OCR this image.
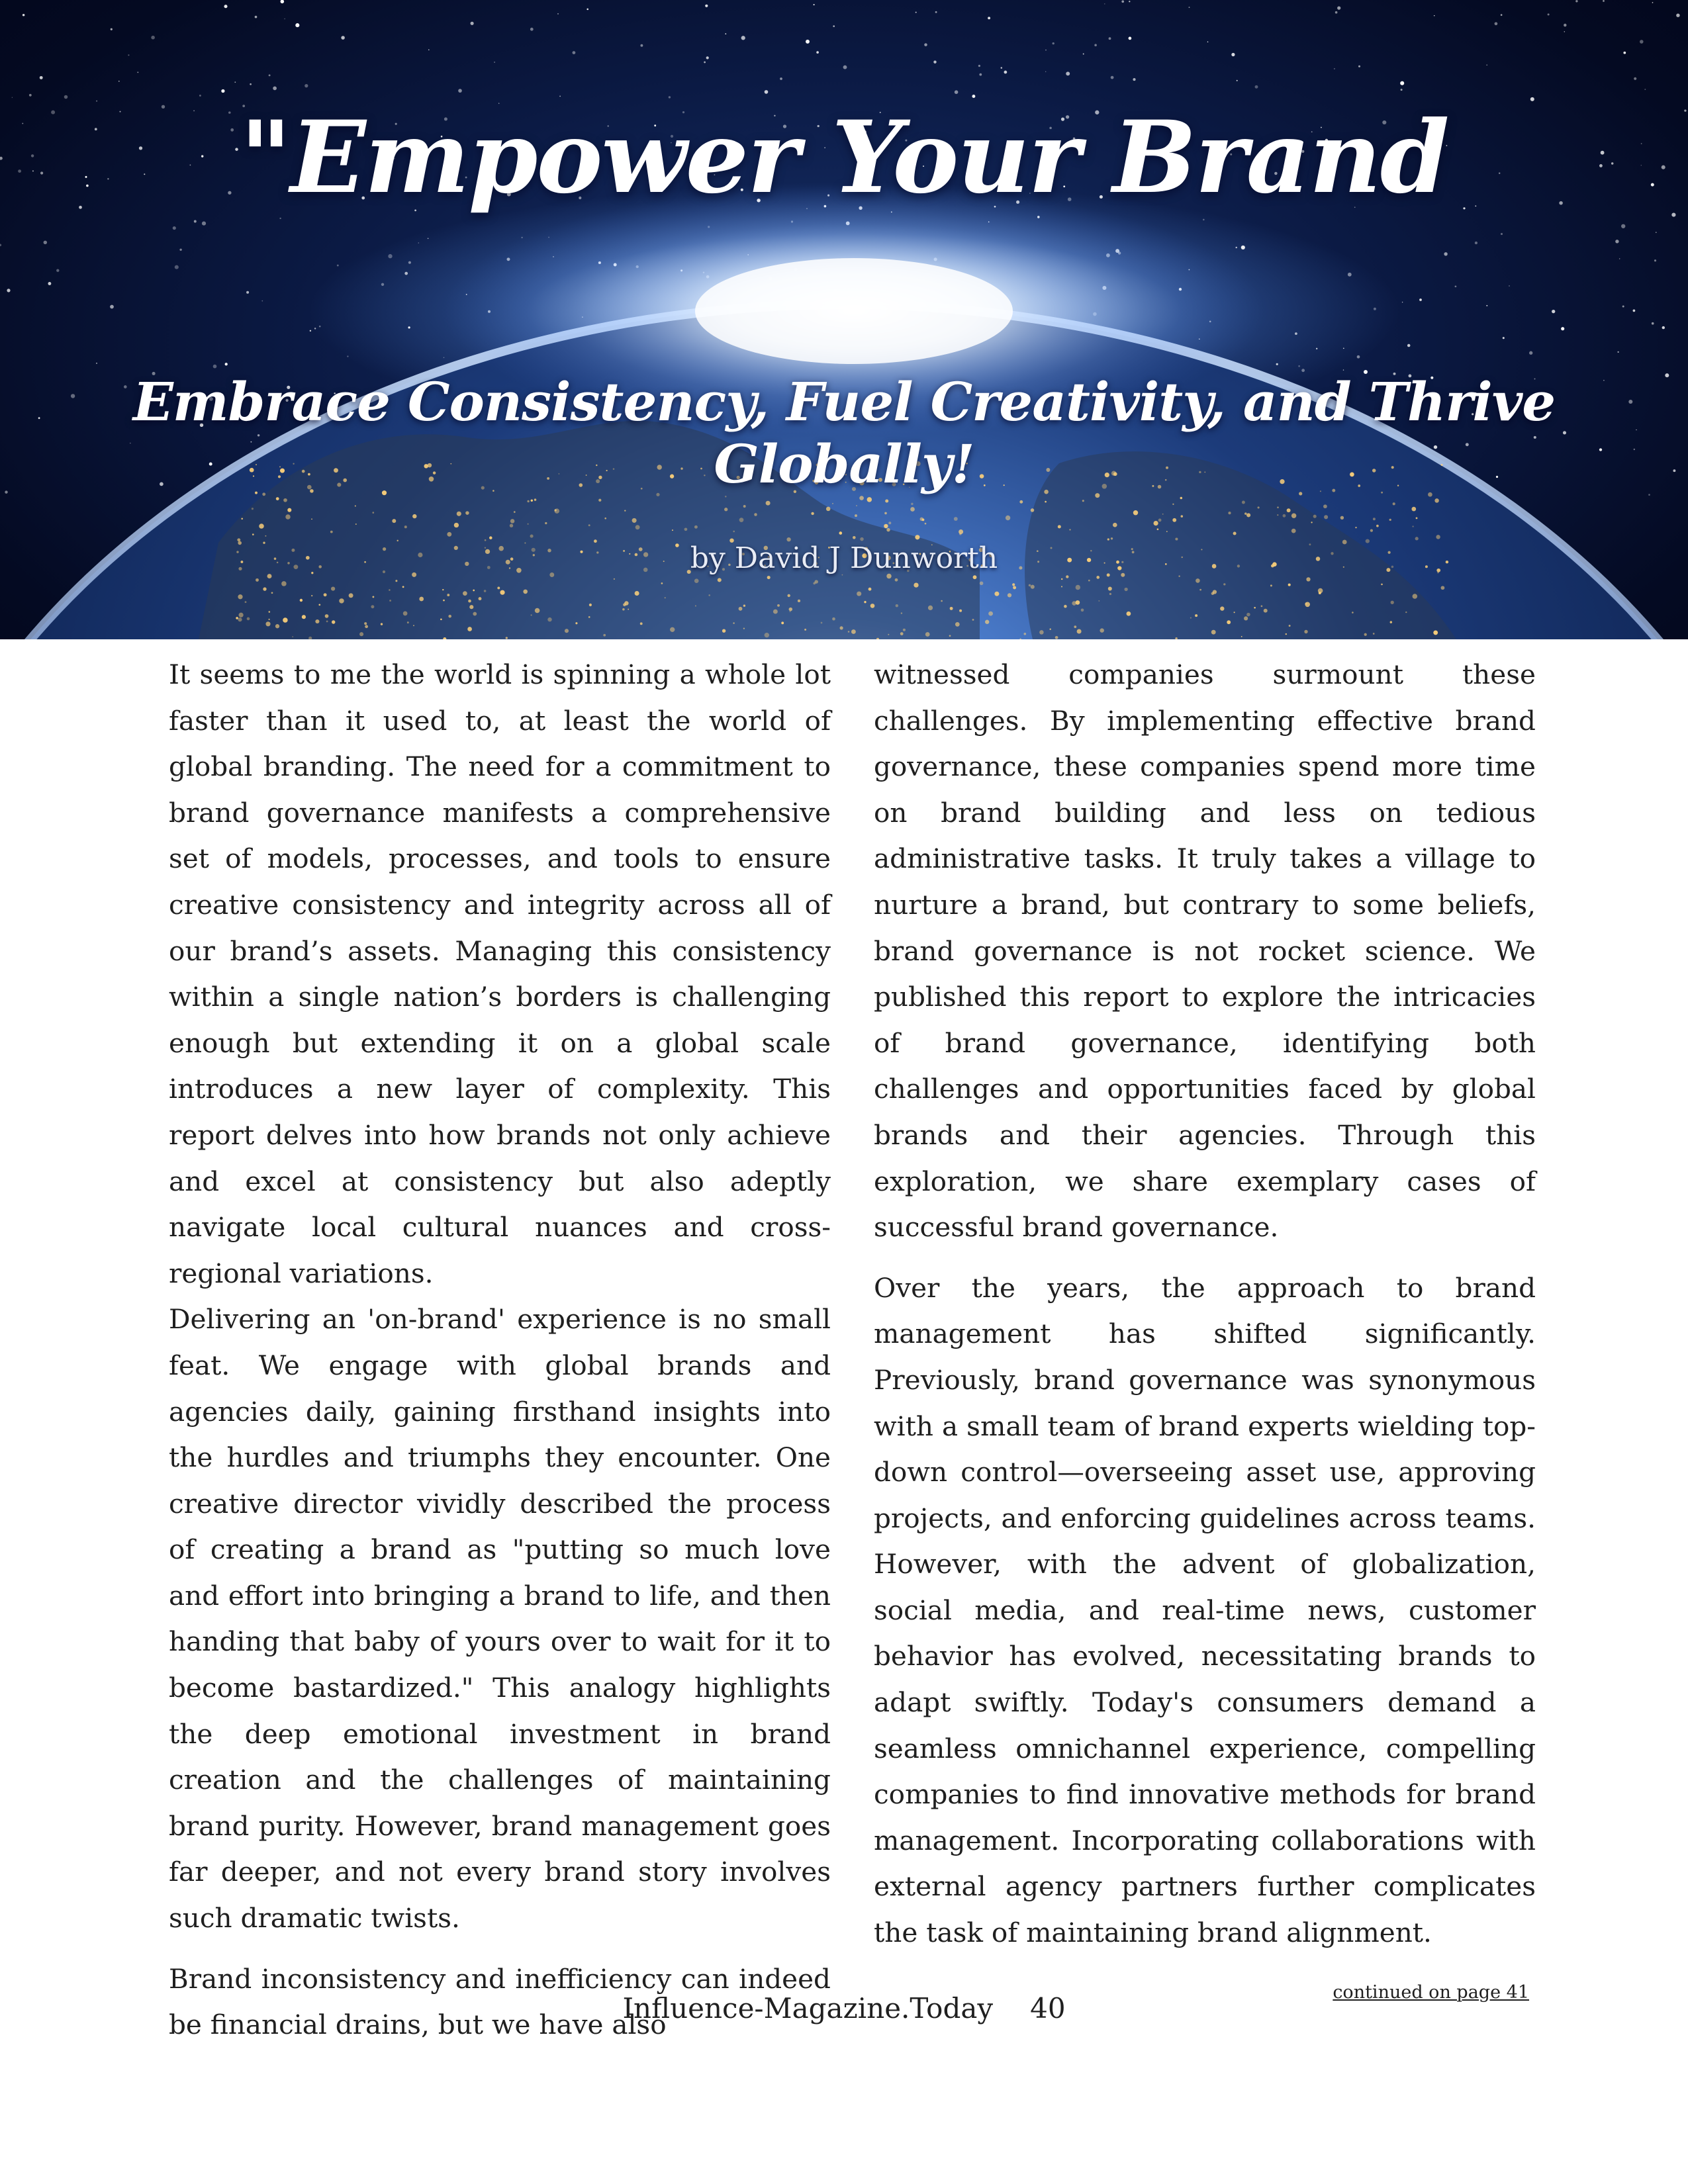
"Empower Your Brand
Embrace Consistency, Fuel Creativity, and Thrive Globally!

by David J Dunworth

It seems to me the world is spinning a whole lot faster than it used to, at least the world of global branding. The need for a commitment to brand governance manifests a comprehensive set of models, processes, and tools to ensure creative consistency and integrity across all of our brand’s assets. Managing this consistency within a single nation’s borders is challenging enough but extending it on a global scale introduces a new layer of complexity. This report delves into how brands not only achieve and excel at consistency but also adeptly navigate local cultural nuances and cross-regional variations.

Delivering an 'on-brand' experience is no small feat. We engage with global brands and agencies daily, gaining firsthand insights into the hurdles and triumphs they encounter. One creative director vividly described the process of creating a brand as "putting so much love and effort into bringing a brand to life, and then handing that baby of yours over to wait for it to become bastardized." This analogy highlights the deep emotional investment in brand creation and the challenges of maintaining brand purity. However, brand management goes far deeper, and not every brand story involves such dramatic twists.

Brand inconsistency and inefficiency can indeed be financial drains, but we have also

witnessed companies surmount these challenges. By implementing effective brand governance, these companies spend more time on brand building and less on tedious administrative tasks. It truly takes a village to nurture a brand, but contrary to some beliefs, brand governance is not rocket science. We published this report to explore the intricacies of brand governance, identifying both challenges and opportunities faced by global brands and their agencies. Through this exploration, we share exemplary cases of successful brand governance.

Over the years, the approach to brand management has shifted significantly. Previously, brand governance was synonymous with a small team of brand experts wielding top-down control—overseeing asset use, approving projects, and enforcing guidelines across teams. However, with the advent of globalization, social media, and real-time news, customer behavior has evolved, necessitating brands to adapt swiftly. Today's consumers demand a seamless omnichannel experience, compelling companies to find innovative methods for brand management. Incorporating collaborations with external agency partners further complicates the task of maintaining brand alignment.

continued on page 41
Influence-Magazine.Today 40
